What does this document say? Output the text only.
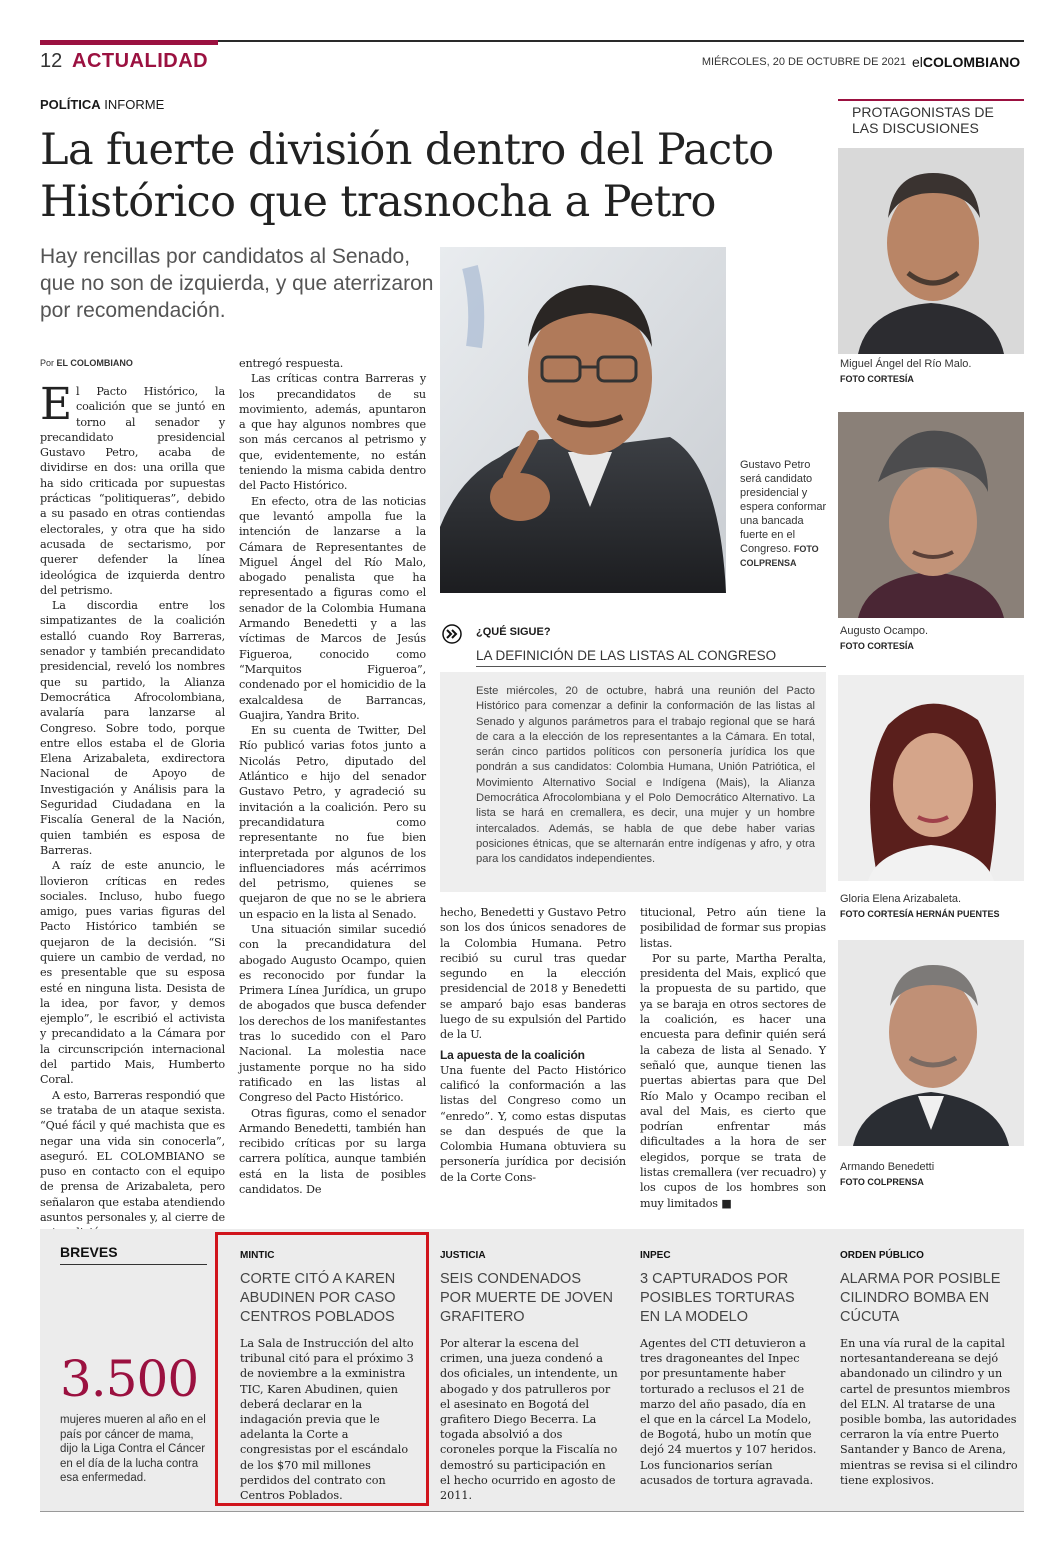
12 ACTUALIDAD	MIÉRCOLES, 20 DE OCTUBRE DE 2021 elCOLOMBIANO
POLÍTICA INFORME
La fuerte división dentro del Pacto Histórico que trasnocha a Petro
Hay rencillas por candidatos al Senado, que no son de izquierda, y que aterrizaron por recomendación.
Por EL COLOMBIANO

El Pacto Histórico, la coalición que se juntó en torno al senador y precandidato presidencial Gustavo Petro, acaba de dividirse en dos: una orilla que ha sido criticada por supuestas prácticas “politiqueras”, debido a su pasado en otras contiendas electorales, y otra que ha sido acusada de sectarismo, por querer defender la línea ideológica de izquierda dentro del petrismo.

La discordia entre los simpatizantes de la coalición estalló cuando Roy Barreras, senador y también precandidato presidencial, reveló los nombres que su partido, la Alianza Democrática Afrocolombiana, avalaría para lanzarse al Congreso. Sobre todo, porque entre ellos estaba el de Gloria Elena Arizabaleta, exdirectora Nacional de Apoyo de Investigación y Análisis para la Seguridad Ciudadana en la Fiscalía General de la Nación, quien también es esposa de Barreras.

A raíz de este anuncio, le llovieron críticas en redes sociales. Incluso, hubo fuego amigo, pues varias figuras del Pacto Histórico también se quejaron de la decisión. “Si quiere un cambio de verdad, no es presentable que su esposa esté en ninguna lista. Desista de la idea, por favor, y demos ejemplo”, le escribió el activista y precandidato a la Cámara por la circunscripción internacional del partido Mais, Humberto Coral.

A esto, Barreras respondió que se trataba de un ataque sexista. “Qué fácil y qué machista que es negar una vida sin conocerla”, aseguró. EL COLOMBIANO se puso en contacto con el equipo de prensa de Arizabaleta, pero señalaron que estaba atendiendo asuntos personales y, al cierre de

entregó respuesta.

Las críticas contra Barreras y los precandidatos de su movimiento, además, apuntaron a que hay algunos nombres que son más cercanos al petrismo y que, evidentemente, no están teniendo la misma cabida dentro del Pacto Histórico.

En efecto, otra de las noticias que levantó ampolla fue la intención de lanzarse a la Cámara de Representantes de Miguel Ángel del Río Malo, abogado penalista que ha representado a figuras como el senador de la Colombia Humana Armando Benedetti y a las víctimas de Marcos de Jesús Figueroa, conocido como “Marquitos Figueroa”, condenado por el homicidio de la exalcaldesa de Barrancas, Guajira, Yandra Brito.

En su cuenta de Twitter, Del Río publicó varias fotos junto a Nicolás Petro, diputado del Atlántico e hijo del senador Gustavo Petro, y agradeció su invitación a la coalición. Pero su precandidatura como representante no fue bien interpretada por algunos de los influenciadores más acérrimos del petrismo, quienes se quejaron de que no se le abriera un espacio en la lista al Senado.

Una situación similar sucedió con la precandidatura del abogado Augusto Ocampo, quien es reconocido por fundar la Primera Línea Jurídica, un grupo de abogados que busca defender los derechos de los manifestantes tras lo sucedido con el Paro Nacional. La molestia nace justamente porque no ha sido ratificado en las listas al Congreso del Pacto Histórico.

Otras figuras, como el senador Armando Benedetti, también han recibido críticas por su larga carrera política, aunque también está en la lista de posibles candidatos. De

Gustavo Petro será candidato presidencial y espera conformar una bancada fuerte en el Congreso. FOTO COLPRENSA
¿QUÉ SIGUE?
LA DEFINICIÓN DE LAS LISTAS AL CONGRESO

Este miércoles, 20 de octubre, habrá una reunión del Pacto Histórico para comenzar a definir la conformación de las listas al Senado y algunos parámetros para el trabajo regional que se hará de cara a la elección de los representantes a la Cámara. En total, serán cinco partidos políticos con personería jurídica los que pondrán a sus candidatos: Colombia Humana, Unión Patriótica, el Movimiento Alternativo Social e Indígena (Mais), la Alianza Democrática Afrocolombiana y el Polo Democrático Alternativo. La lista se hará en cremallera, es decir, una mujer y un hombre intercalados. Además, se habla de que debe haber varias posiciones étnicas, que se alternarán entre indígenas y afro, y otra para los candidatos independientes.

hecho, Benedetti y Gustavo Petro son los dos únicos senadores de la Colombia Humana. Petro recibió su curul tras quedar segundo en la elección presidencial de 2018 y Benedetti se amparó bajo esas banderas luego de su expulsión del Partido de la U.

La apuesta de la coalición

Una fuente del Pacto Histórico calificó la conformación a las listas del Congreso como un “enredo”. Y, como estas disputas se dan después de que la Colombia Humana obtuviera su personería jurídica por decisión de la Corte Cons-

titucional, Petro aún tiene la posibilidad de formar sus propias listas.

Por su parte, Martha Peralta, presidenta del Mais, explicó que la propuesta de su partido, que ya se baraja en otros sectores de la coalición, es hacer una encuesta para definir quién será la cabeza de lista al Senado. Y señaló que, aunque tienen las puertas abiertas para que Del Río Malo y Ocampo reciban el aval del Mais, es cierto que podrían enfrentar más dificultades a la hora de ser elegidos, porque se trata de listas cremallera (ver recuadro) y los cupos de los hombres son muy limitados ■

PROTAGONISTAS DE LAS DISCUSIONES
Miguel Ángel del Río Malo.
FOTO CORTESÍA
Augusto Ocampo.
FOTO CORTESÍA
Gloria Elena Arizabaleta.
FOTO CORTESÍA HERNÁN PUENTES
Armando Benedetti
FOTO COLPRENSA
BREVES
3.500
mujeres mueren al año en el país por cáncer de mama, dijo la Liga Contra el Cáncer en el día de la lucha contra esa enfermedad.
MINTIC
CORTE CITÓ A KAREN ABUDINEN POR CASO CENTROS POBLADOS
La Sala de Instrucción del alto tribunal citó para el próximo 3 de noviembre a la exministra TIC, Karen Abudinen, quien deberá declarar en la indagación previa que le adelanta la Corte a congresistas por el escándalo de los $70 mil millones perdidos del contrato con Centros Poblados.
JUSTICIA
SEIS CONDENADOS POR MUERTE DE JOVEN GRAFITERO
Por alterar la escena del crimen, una jueza condenó a dos oficiales, un intendente, un abogado y dos patrulleros por el asesinato en Bogotá del grafitero Diego Becerra. La togada absolvió a dos coroneles porque la Fiscalía no demostró su participación en el hecho ocurrido en agosto de 2011.
INPEC
3 CAPTURADOS POR POSIBLES TORTURAS EN LA MODELO
Agentes del CTI detuvieron a tres dragoneantes del Inpec por presuntamente haber torturado a reclusos el 21 de marzo del año pasado, día en el que en la cárcel La Modelo, de Bogotá, hubo un motín que dejó 24 muertos y 107 heridos. Los funcionarios serían acusados de tortura agravada.
ORDEN PÚBLICO
ALARMA POR POSIBLE CILINDRO BOMBA EN CÚCUTA
En una vía rural de la capital nortesantandereana se dejó abandonado un cilindro y un cartel de presuntos miembros del ELN. Al tratarse de una posible bomba, las autoridades cerraron la vía entre Puerto Santander y Banco de Arena, mientras se revisa si el cilindro tiene explosivos.
